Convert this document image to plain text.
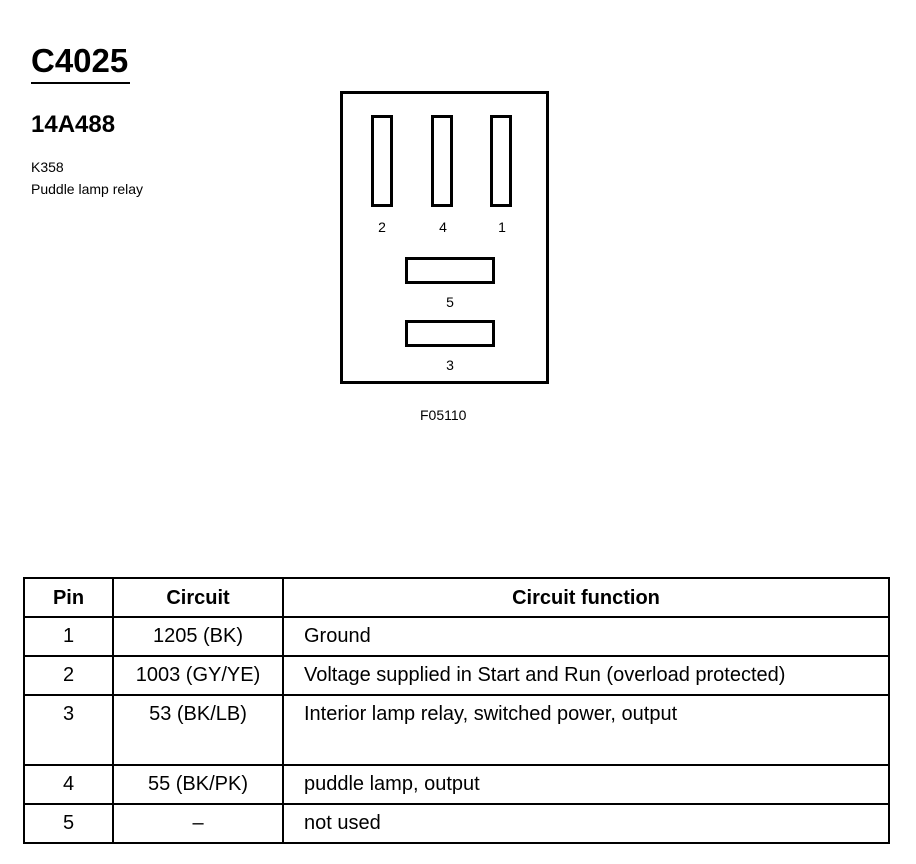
C4025
14A488
K358
Puddle lamp relay
2	4	1
5
3
F05110
Pin	Circuit	Circuit function
1	1205 (BK)	Ground
2	1003 (GY/YE)	Voltage supplied in Start and Run (overload protected)
3	53 (BK/LB)	Interior lamp relay, switched power, output
4	55 (BK/PK)	puddle lamp, output
5	–	not used
